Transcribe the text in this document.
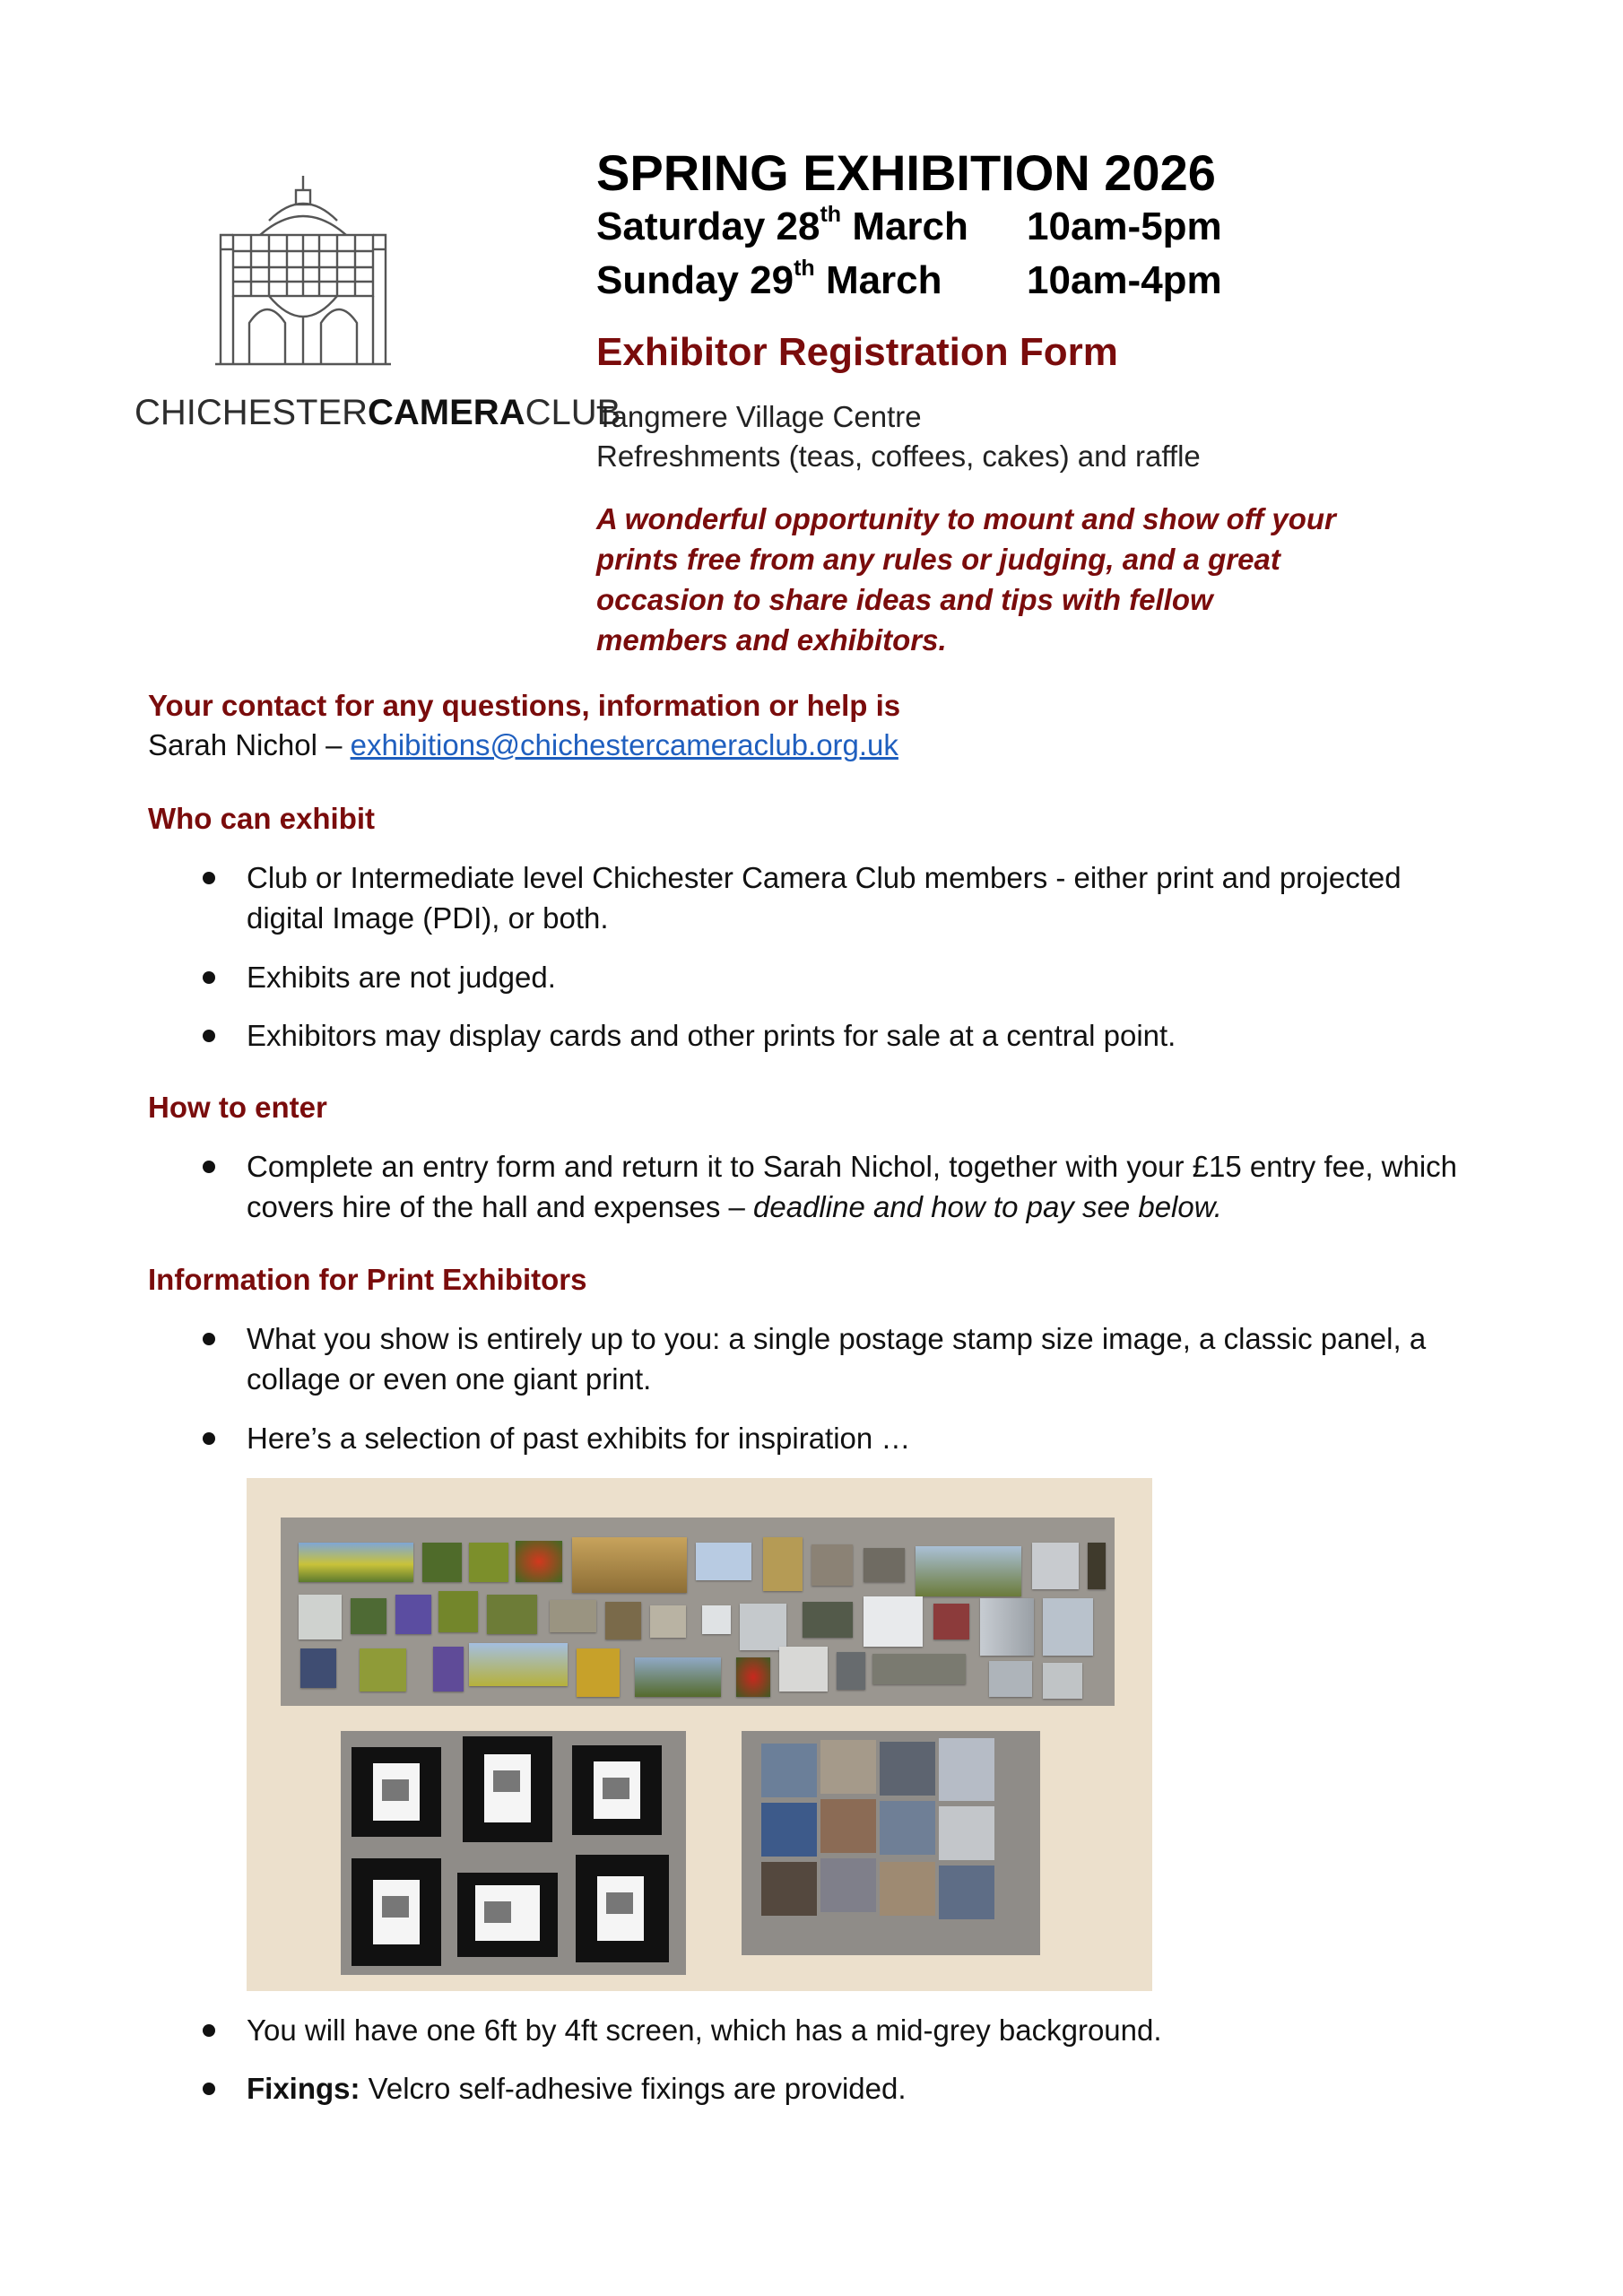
CHICHESTERCAMERACLUB
SPRING EXHIBITION 2026
Saturday 28th March 10am-5pm
Sunday 29th March 10am-4pm
Exhibitor Registration Form
Tangmere Village Centre
Refreshments (teas, coffees, cakes) and raffle
A wonderful opportunity to mount and show off your prints free from any rules or judging, and a great occasion to share ideas and tips with fellow members and exhibitors.
Your contact for any questions, information or help is
Sarah Nichol – exhibitions@chichestercameraclub.org.uk
Who can exhibit
Club or Intermediate level Chichester Camera Club members - either print and projected digital Image (PDI), or both.
Exhibits are not judged.
Exhibitors may display cards and other prints for sale at a central point.
How to enter
Complete an entry form and return it to Sarah Nichol, together with your £15 entry fee, which covers hire of the hall and expenses – deadline and how to pay see below.
Information for Print Exhibitors
What you show is entirely up to you: a single postage stamp size image, a classic panel, a collage or even one giant print.
Here’s a selection of past exhibits for inspiration …
You will have one 6ft by 4ft screen, which has a mid-grey background.
Fixings: Velcro self-adhesive fixings are provided.
